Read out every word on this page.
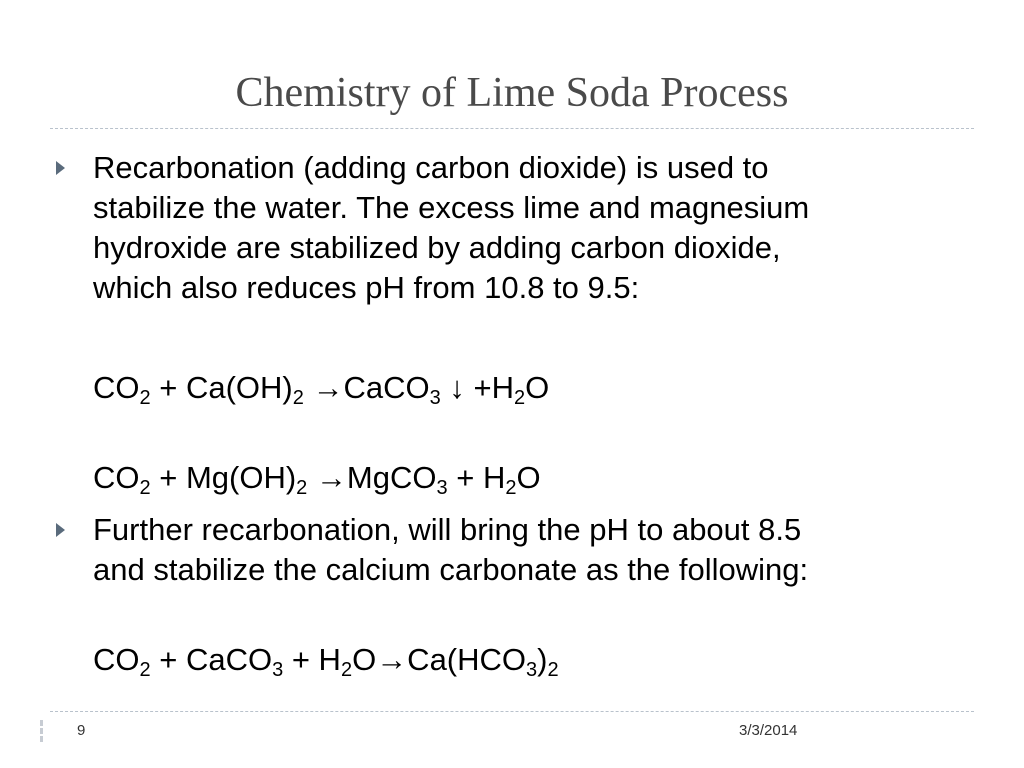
Chemistry of Lime Soda Process
Recarbonation (adding carbon dioxide) is used to
stabilize the water. The excess lime and magnesium
hydroxide are stabilized by adding carbon dioxide,
which also reduces pH from 10.8 to 9.5:
$CO_2 + Ca(OH)_2$ →CaCO$_3$ ↓ $+H_2O$
$CO_2 + Mg(OH)_2$ →MgCO$_3$ + $H_2O$
Further recarbonation, will bring the pH to about 8.5
and stabilize the calcium carbonate as the following:
$CO_2$ + CaCO$_3$ + $H_2O\to Ca(HCO_3)_2$
9	3/3/2014
